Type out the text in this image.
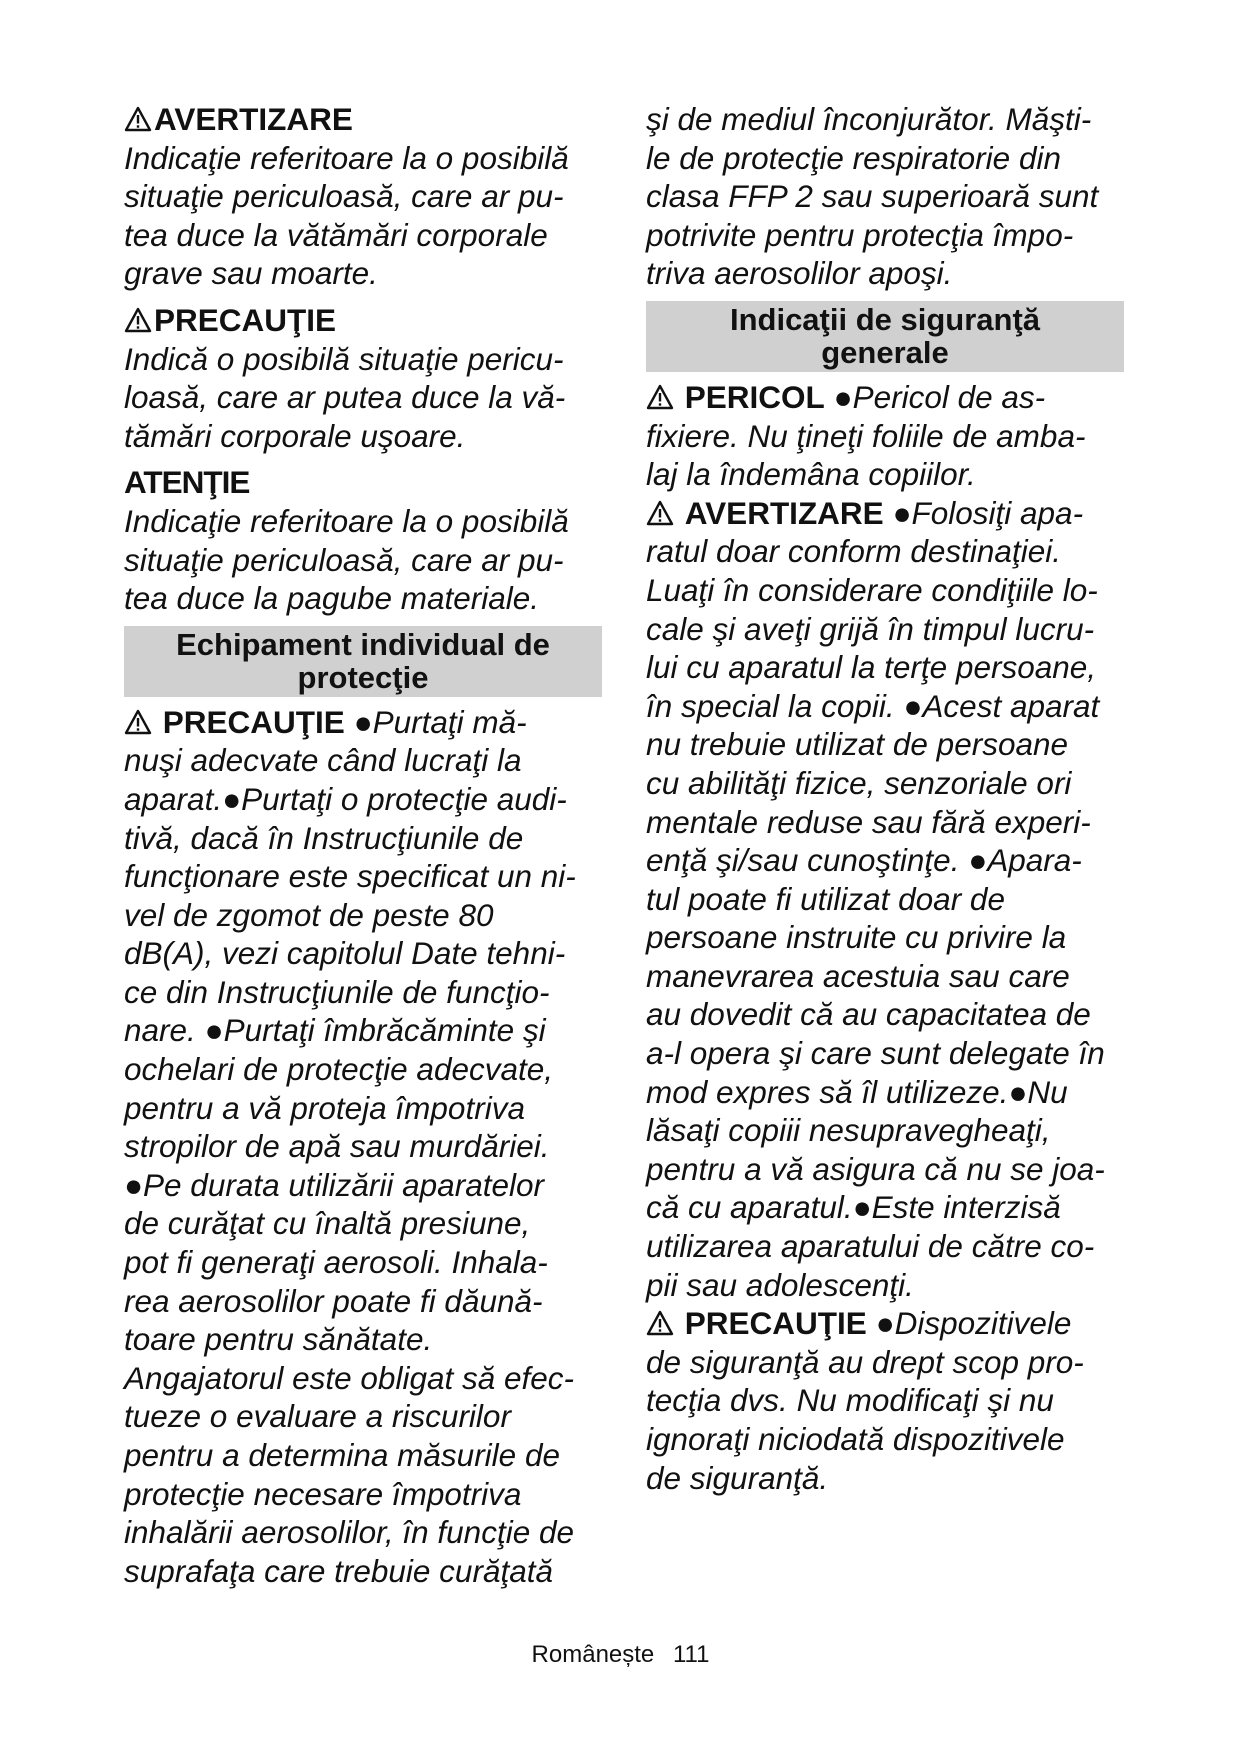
AVERTIZARE
Indicaţie referitoare la o posibilă
situaţie periculoasă, care ar pu-
tea duce la vătămări corporale
grave sau moarte.
PRECAUŢIE
Indică o posibilă situaţie pericu-
loasă, care ar putea duce la vă-
tămări corporale uşoare.
ATENŢIE
Indicaţie referitoare la o posibilă
situaţie periculoasă, care ar pu-
tea duce la pagube materiale.
Echipament individual de
protecţie
PRECAUŢIE ●Purtaţi mă-
nuşi adecvate când lucraţi la
aparat.●Purtaţi o protecţie audi-
tivă, dacă în Instrucţiunile de
funcţionare este specificat un ni-
vel de zgomot de peste 80
dB(A), vezi capitolul Date tehni-
ce din Instrucţiunile de funcţio-
nare. ●Purtaţi îmbrăcăminte şi
ochelari de protecţie adecvate,
pentru a vă proteja împotriva
stropilor de apă sau murdăriei.
●Pe durata utilizării aparatelor
de curăţat cu înaltă presiune,
pot fi generaţi aerosoli. Inhala-
rea aerosolilor poate fi dăună-
toare pentru sănătate.
Angajatorul este obligat să efec-
tueze o evaluare a riscurilor
pentru a determina măsurile de
protecţie necesare împotriva
inhalării aerosolilor, în funcţie de
suprafaţa care trebuie curăţată
şi de mediul înconjurător. Măşti-
le de protecţie respiratorie din
clasa FFP 2 sau superioară sunt
potrivite pentru protecţia împo-
triva aerosolilor apoşi.
Indicaţii de siguranţă
generale
PERICOL ●Pericol de as-
fixiere. Nu ţineţi foliile de amba-
laj la îndemâna copiilor.
AVERTIZARE ●Folosiţi apa-
ratul doar conform destinaţiei.
Luaţi în considerare condiţiile lo-
cale şi aveţi grijă în timpul lucru-
lui cu aparatul la terţe persoane,
în special la copii. ●Acest aparat
nu trebuie utilizat de persoane
cu abilităţi fizice, senzoriale ori
mentale reduse sau fără experi-
enţă şi/sau cunoştinţe. ●Apara-
tul poate fi utilizat doar de
persoane instruite cu privire la
manevrarea acestuia sau care
au dovedit că au capacitatea de
a-l opera şi care sunt delegate în
mod expres să îl utilizeze.●Nu
lăsaţi copiii nesupravegheaţi,
pentru a vă asigura că nu se joa-
că cu aparatul.●Este interzisă
utilizarea aparatului de către co-
pii sau adolescenţi.
PRECAUŢIE ●Dispozitivele
de siguranţă au drept scop pro-
tecţia dvs. Nu modificaţi şi nu
ignoraţi niciodată dispozitivele
de siguranţă.
Românește 111
